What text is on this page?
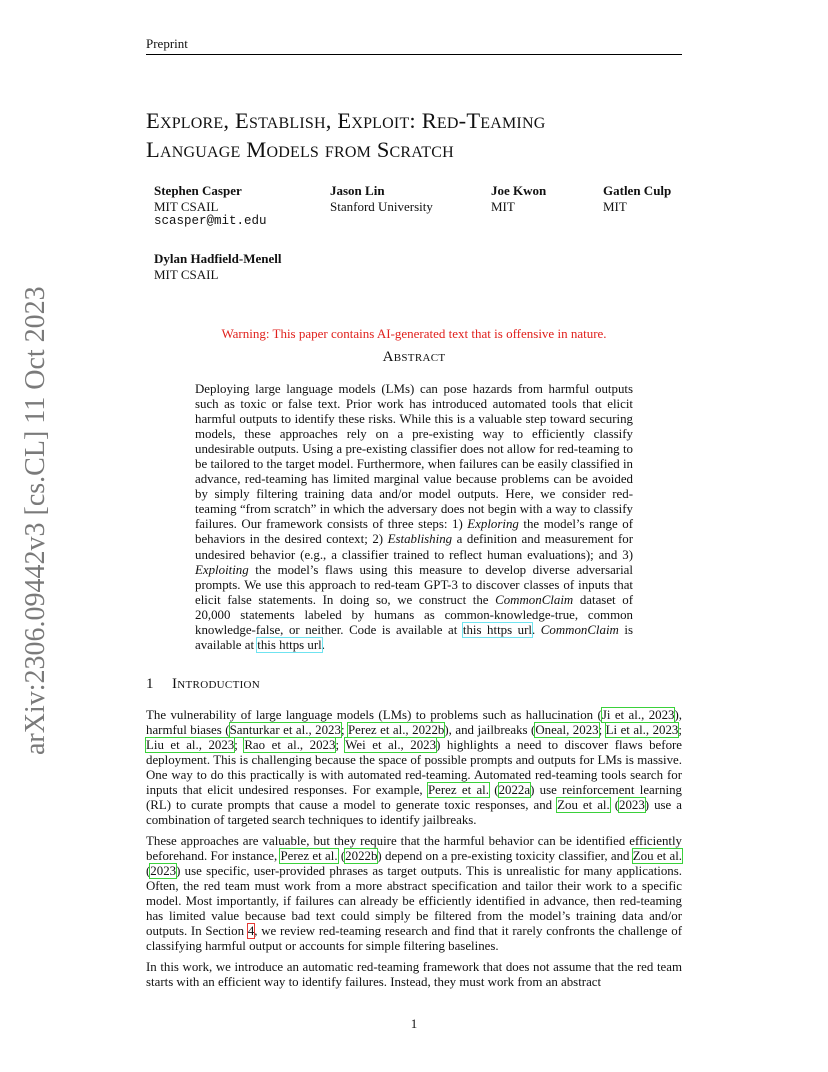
Preprint
Explore, Establish, Exploit: Red-Teaming
Language Models from Scratch
Stephen Casper
MIT CSAIL
scasper@mit.edu
Jason Lin
Stanford University
Joe Kwon
MIT
Gatlen Culp
MIT
Dylan Hadfield-Menell
MIT CSAIL
arXiv:2306.09442v3 [cs.CL] 11 Oct 2023	Warning: This paper contains AI-generated text that is offensive in nature.
Abstract
Deploying large language models (LMs) can pose hazards from harmful outputs such as toxic or false text. Prior work has introduced automated tools that elicit harmful outputs to identify these risks. While this is a valuable step toward securing models, these approaches rely on a pre-existing way to efficiently classify undesirable outputs. Using a pre-existing classifier does not allow for red-teaming to be tailored to the target model. Furthermore, when failures can be easily classified in advance, red-teaming has limited marginal value because problems can be avoided by simply filtering training data and/or model outputs. Here, we consider red-teaming “from scratch” in which the adversary does not begin with a way to classify failures. Our framework consists of three steps: 1) Exploring the model’s range of behaviors in the desired context; 2) Establishing a definition and measurement for undesired behavior (e.g., a classifier trained to reflect human evaluations); and 3) Exploiting the model’s flaws using this measure to develop diverse adversarial prompts. We use this approach to red-team GPT-3 to discover classes of inputs that elicit false statements. In doing so, we construct the CommonClaim dataset of 20,000 statements labeled by humans as common-knowledge-true, common knowledge-false, or neither. Code is available at this https url. CommonClaim is available at this https url.
1 Introduction

The vulnerability of large language models (LMs) to problems such as hallucination (Ji et al., 2023), harmful biases (Santurkar et al., 2023; Perez et al., 2022b), and jailbreaks (Oneal, 2023; Li et al., 2023; Liu et al., 2023; Rao et al., 2023; Wei et al., 2023) highlights a need to discover flaws before deployment. This is challenging because the space of possible prompts and outputs for LMs is massive. One way to do this practically is with automated red-teaming. Automated red-teaming tools search for inputs that elicit undesired responses. For example, Perez et al. (2022a) use reinforcement learning (RL) to curate prompts that cause a model to generate toxic responses, and Zou et al. (2023) use a combination of targeted search techniques to identify jailbreaks.

These approaches are valuable, but they require that the harmful behavior can be identified efficiently beforehand. For instance, Perez et al. (2022b) depend on a pre-existing toxicity classifier, and Zou et al. (2023) use specific, user-provided phrases as target outputs. This is unrealistic for many applications. Often, the red team must work from a more abstract specification and tailor their work to a specific model. Most importantly, if failures can already be efficiently identified in advance, then red-teaming has limited value because bad text could simply be filtered from the model’s training data and/or outputs. In Section 4, we review red-teaming research and find that it rarely confronts the challenge of classifying harmful output or accounts for simple filtering baselines.

In this work, we introduce an automatic red-teaming framework that does not assume that the red team starts with an efficient way to identify failures. Instead, they must work from an abstract

1
